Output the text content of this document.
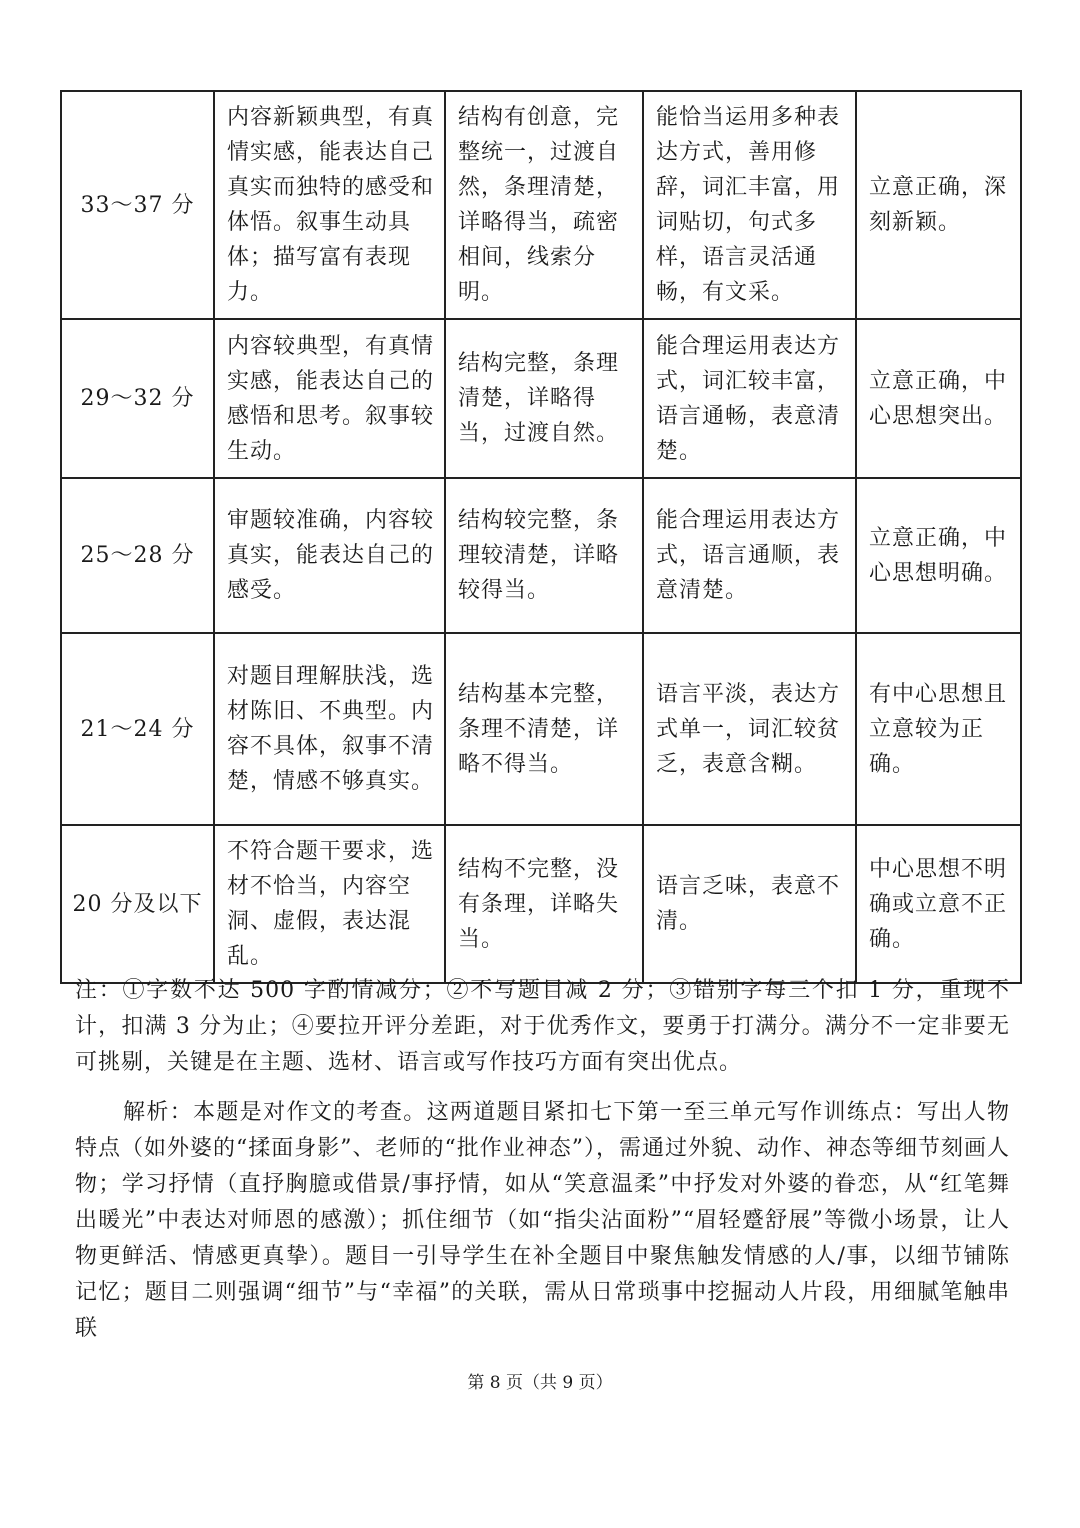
33～37 分	内容新颖典型，有真情实感，能表达自己真实而独特的感受和体悟。叙事生动具体；描写富有表现力。	结构有创意，完整统一，过渡自然，条理清楚，详略得当，疏密相间，线索分明。	能恰当运用多种表达方式，善用修辞，词汇丰富，用词贴切，句式多样，语言灵活通畅，有文采。	立意正确，深刻新颖。
29～32 分	内容较典型，有真情实感，能表达自己的感悟和思考。叙事较生动。	结构完整，条理清楚，详略得当，过渡自然。	能合理运用表达方式，词汇较丰富，语言通畅，表意清楚。	立意正确，中心思想突出。
25～28 分	审题较准确，内容较真实，能表达自己的感受。	结构较完整，条理较清楚，详略较得当。	能合理运用表达方式，语言通顺，表意清楚。	立意正确，中心思想明确。
21～24 分	对题目理解肤浅，选材陈旧、不典型。内容不具体，叙事不清楚，情感不够真实。	结构基本完整，条理不清楚，详略不得当。	语言平淡，表达方式单一，词汇较贫乏，表意含糊。	有中心思想且立意较为正确。
20 分及以下	不符合题干要求，选材不恰当，内容空洞、虚假，表达混乱。	结构不完整，没有条理，详略失当。	语言乏味，表意不清。	中心思想不明确或立意不正确。
注：①字数不达 500 字酌情减分；②不写题目减 2 分；③错别字每三个扣 1 分，重现不计，扣满 3 分为止；④要拉开评分差距，对于优秀作文，要勇于打满分。满分不一定非要无可挑剔，关键是在主题、选材、语言或写作技巧方面有突出优点。
解析：本题是对作文的考查。这两道题目紧扣七下第一至三单元写作训练点：写出人物特点（如外婆的“揉面身影”、老师的“批作业神态”），需通过外貌、动作、神态等细节刻画人物；学习抒情（直抒胸臆或借景/事抒情，如从“笑意温柔”中抒发对外婆的眷恋，从“红笔舞出暖光”中表达对师恩的感激）；抓住细节（如“指尖沾面粉”“眉轻蹙舒展”等微小场景，让人物更鲜活、情感更真挚）。题目一引导学生在补全题目中聚焦触发情感的人/事，以细节铺陈记忆；题目二则强调“细节”与“幸福”的关联，需从日常琐事中挖掘动人片段，用细腻笔触串联
第 8 页（共 9 页）
